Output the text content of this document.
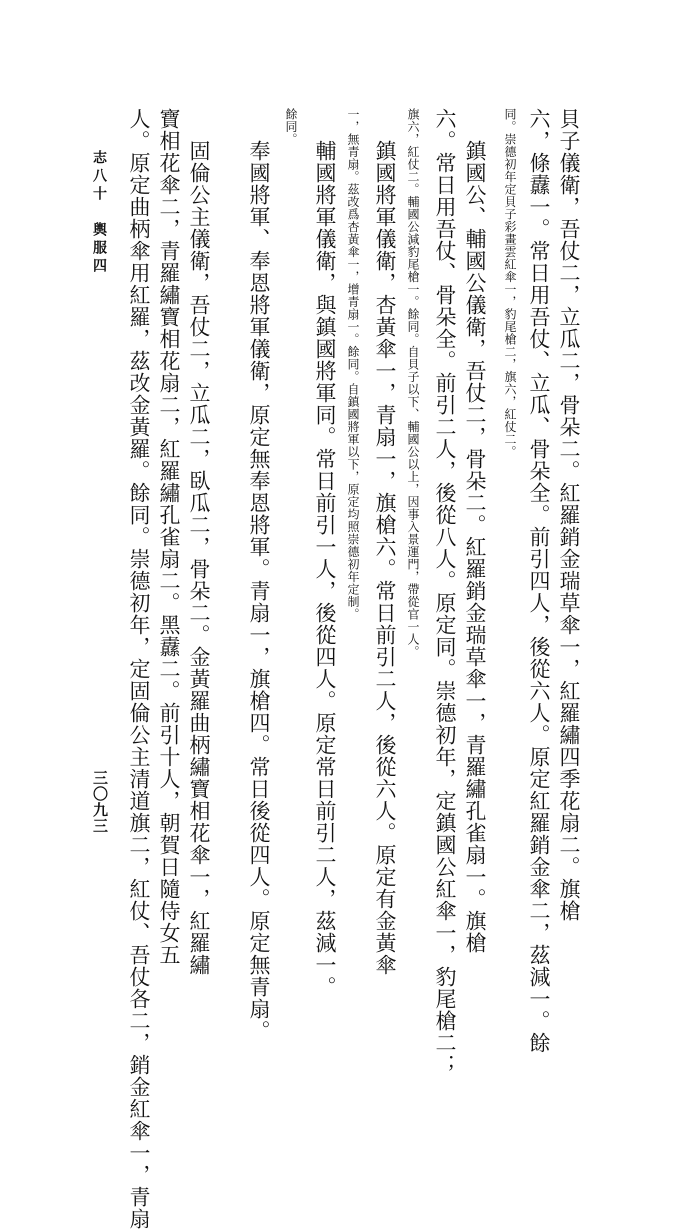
貝子儀衛，吾仗二，立瓜二，骨朵二。紅羅銷金瑞草傘一，紅羅繡四季花扇二。旗槍
六，條纛一。常日用吾仗、立瓜、骨朵全。前引四人，後從六人。原定紅羅銷金傘二，茲減一。餘
同。崇德初年定貝子彩畫雲紅傘一，豹尾槍二，旗六，紅仗二。
鎮國公、輔國公儀衛，吾仗二，骨朵二。紅羅銷金瑞草傘一，青羅繡孔雀扇一。旗槍
六。常日用吾仗、骨朵全。前引二人，後從八人。原定同。崇德初年，定鎮國公紅傘一，豹尾槍二；
旗六，紅仗二。輔國公減豹尾槍一。餘同。自貝子以下、輔國公以上，因事入景運門，帶從官一人。
鎮國將軍儀衛，杏黃傘一，青扇一，旗槍六。常日前引二人，後從六人。原定有金黃傘
一，無青扇。茲改爲杏黃傘一，增青扇一。餘同。自鎮國將軍以下，原定均照崇德初年定制。
輔國將軍儀衛，與鎮國將軍同。常日前引一人，後從四人。原定常日前引二人，茲減一。
餘同。
奉國將軍、奉恩將軍儀衛，原定無奉恩將軍。青扇一，旗槍四。常日後從四人。原定無青扇。
固倫公主儀衛，吾仗二，立瓜二，臥瓜二，骨朵二。金黃羅曲柄繡寶相花傘一，紅羅繡
寶相花傘二，青羅繡寶相花扇二，紅羅繡孔雀扇二。黑纛二。前引十人，朝賀日隨侍女五
人。原定曲柄傘用紅羅，茲改金黃羅。餘同。崇德初年，定固倫公主清道旗二，紅仗、吾仗各二，銷金紅傘一，青扇
志八十　輿服四
三〇九三
